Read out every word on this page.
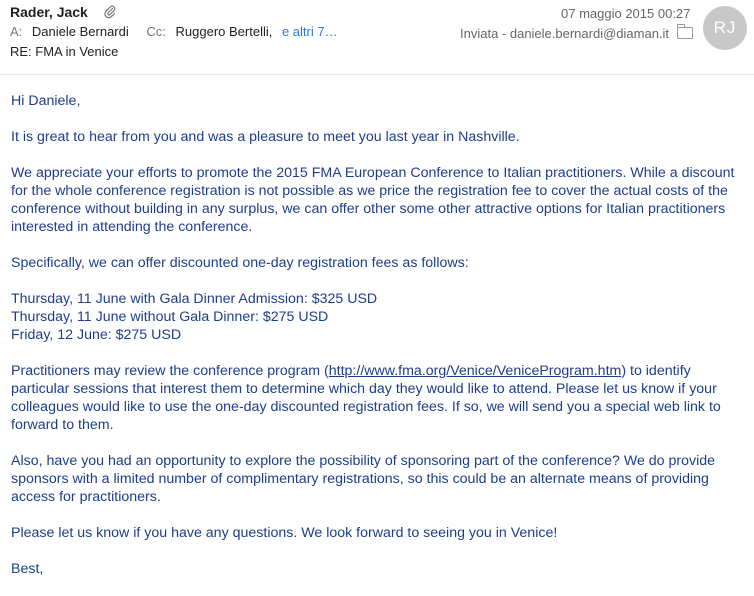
Rader, Jack	07 maggio 2015 00:27
A: Daniele Bernardi Cc: Ruggero Bertelli, e altri 7…	Inviata - daniele.bernardi@diaman.it
RE: FMA in Venice
RJ

Hi Daniele,

It is great to hear from you and was a pleasure to meet you last year in Nashville.

We appreciate your efforts to promote the 2015 FMA European Conference to Italian practitioners. While a discount for the whole conference registration is not possible as we price the registration fee to cover the actual costs of the conference without building in any surplus, we can offer other some other attractive options for Italian practitioners interested in attending the conference.

Specifically, we can offer discounted one-day registration fees as follows:

Thursday, 11 June with Gala Dinner Admission: $325 USD
Thursday, 11 June without Gala Dinner: $275 USD
Friday, 12 June: $275 USD

Practitioners may review the conference program (http://www.fma.org/Venice/VeniceProgram.htm) to identify particular sessions that interest them to determine which day they would like to attend. Please let us know if your colleagues would like to use the one-day discounted registration fees. If so, we will send you a special web link to forward to them.

Also, have you had an opportunity to explore the possibility of sponsoring part of the conference? We do provide sponsors with a limited number of complimentary registrations, so this could be an alternate means of providing access for practitioners.

Please let us know if you have any questions. We look forward to seeing you in Venice!

Best,
